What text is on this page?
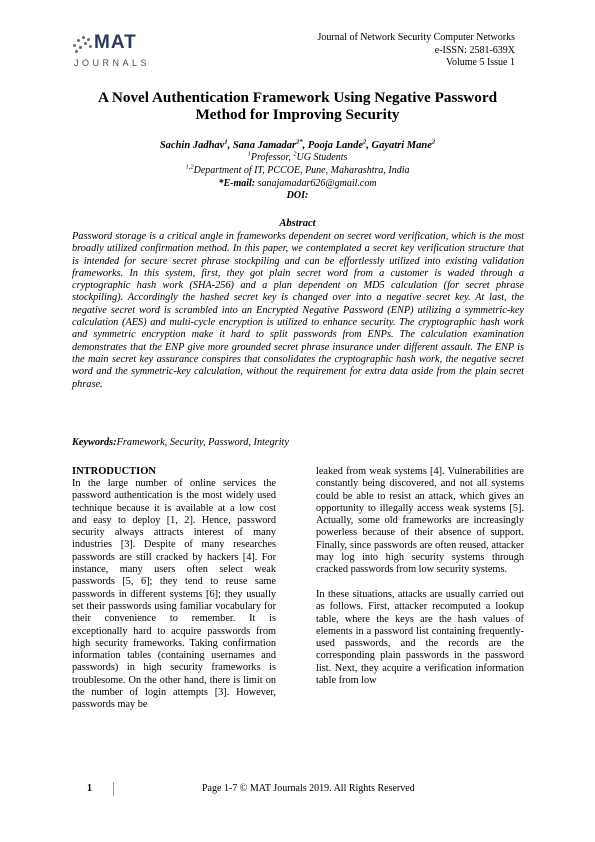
MAT
JOURNALS
Journal of Network Security Computer Networks
e-ISSN: 2581-639X
Volume 5 Issue 1
A Novel Authentication Framework Using Negative Password
Method for Improving Security
Sachin Jadhav$^1$, Sana Jamadar$^{2*}$, Pooja Lande$^2$, Gayatri Mane$^2$
$^1$Professor, $^2$UG Students
$^{1,2}$Department of IT, PCCOE, Pune, Maharashtra, India
*E-mail: sanajamadar626@gmail.com
DOI:
Abstract

Password storage is a critical angle in frameworks dependent on secret word verification, which is the most broadly utilized confirmation method. In this paper, we contemplated a secret key verification structure that is intended for secure secret phrase stockpiling and can be effortlessly utilized into existing validation frameworks. In this system, first, they got plain secret word from a customer is waded through a cryptographic hash work (SHA-256) and a plan dependent on MD5 calculation (for secret phrase stockpiling). Accordingly the hashed secret key is changed over into a negative secret key. At last, the negative secret word is scrambled into an Encrypted Negative Password (ENP) utilizing a symmetric-key calculation (AES) and multi-cycle encryption is utilized to enhance security. The cryptographic hash work and symmetric encryption make it hard to split passwords from ENPs. The calculation examination demonstrates that the ENP give more grounded secret phrase insurance under different assault. The ENP is the main secret key assurance conspires that consolidates the cryptographic hash work, the negative secret word and the symmetric-key calculation, without the requirement for extra data aside from the plain secret phrase.

Keywords:Framework, Security, Password, Integrity

INTRODUCTION

In the large number of online services the password authentication is the most widely used technique because it is available at a low cost and easy to deploy [1, 2]. Hence, password security always attracts interest of many industries [3]. Despite of many researches passwords are still cracked by hackers [4]. For instance, many users often select weak passwords [5, 6]; they tend to reuse same passwords in different systems [6]; they usually set their passwords using familiar vocabulary for their convenience to remember. It is exceptionally hard to acquire passwords from high security frameworks. Taking confirmation information tables (containing usernames and passwords) in high security frameworks is troublesome. On the other hand, there is limit on the number of login attempts [3]. However, passwords may be

leaked from weak systems [4]. Vulnerabilities are constantly being discovered, and not all systems could be able to resist an attack, which gives an opportunity to illegally access weak systems [5]. Actually, some old frameworks are increasingly powerless because of their absence of support. Finally, since passwords are often reused, attacker may log into high security systems through cracked passwords from low security systems.

In these situations, attacks are usually carried out as follows. First, attacker recomputed a lookup table, where the keys are the hash values of elements in a password list containing frequently-used passwords, and the records are the corresponding plain passwords in the password list. Next, they acquire a verification information table from low

1	Page 1-7 © MAT Journals 2019. All Rights Reserved
